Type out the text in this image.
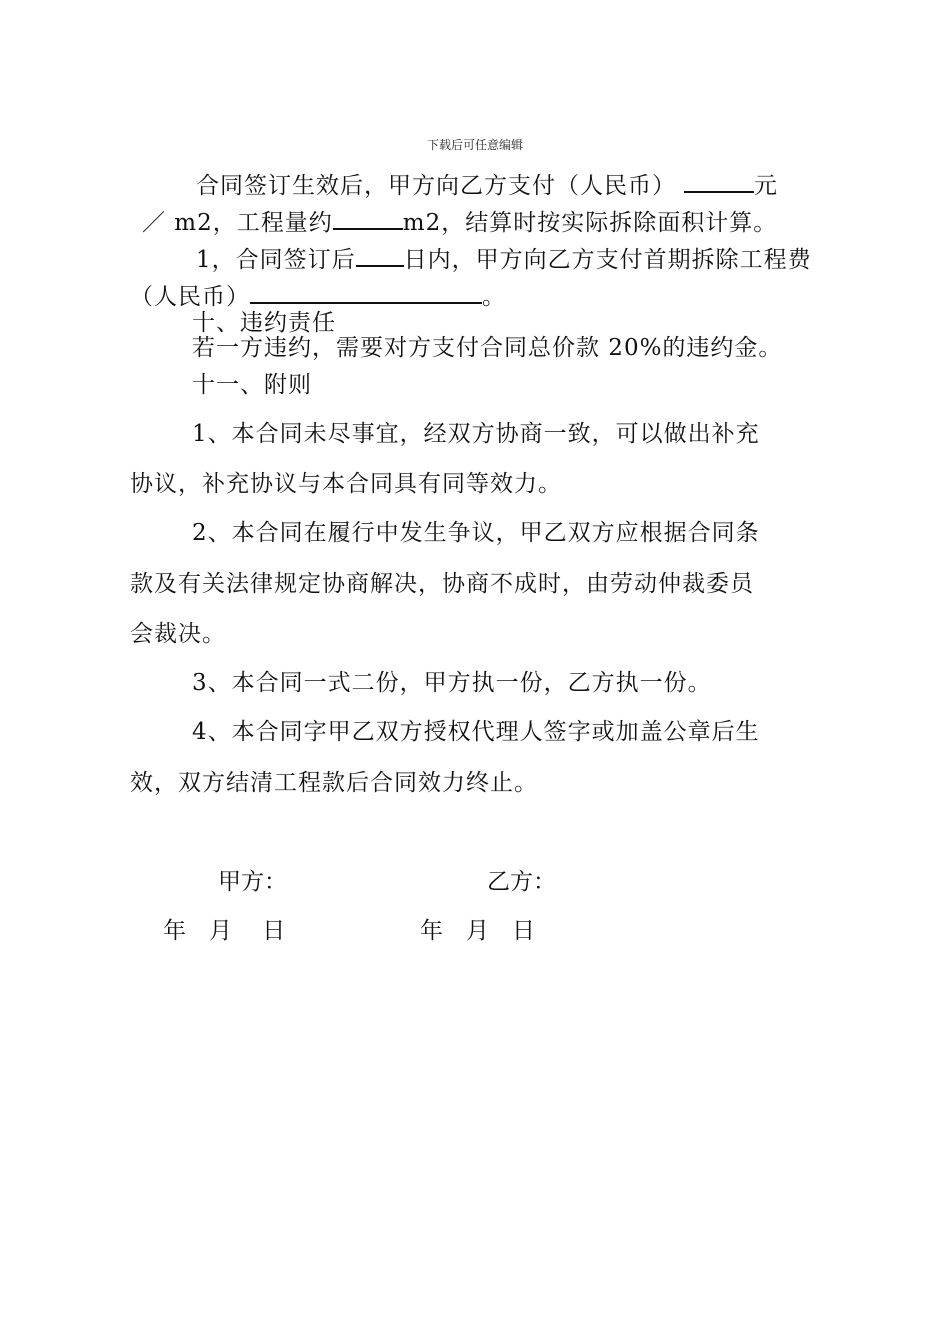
下载后可任意编辑
合同签订生效后，甲方向乙方支付（人民币）	元
／ m2，工程量约	m2，结算时按实际拆除面积计算。
1，合同签订后 日内，甲方向乙方支付首期拆除工程费
（人民币）	。
十、违约责任
若一方违约，需要对方支付合同总价款 20%的违约金。
十一、附则
1、本合同未尽事宜，经双方协商一致，可以做出补充
协议，补充协议与本合同具有同等效力。
2、本合同在履行中发生争议，甲乙双方应根据合同条
款及有关法律规定协商解决，协商不成时，由劳动仲裁委员
会裁决。
3、本合同一式二份，甲方执一份，乙方执一份。
4、本合同字甲乙双方授权代理人签字或加盖公章后生
效，双方结清工程款后合同效力终止。
甲方：	乙方：
年　月　 日	年　月　日
